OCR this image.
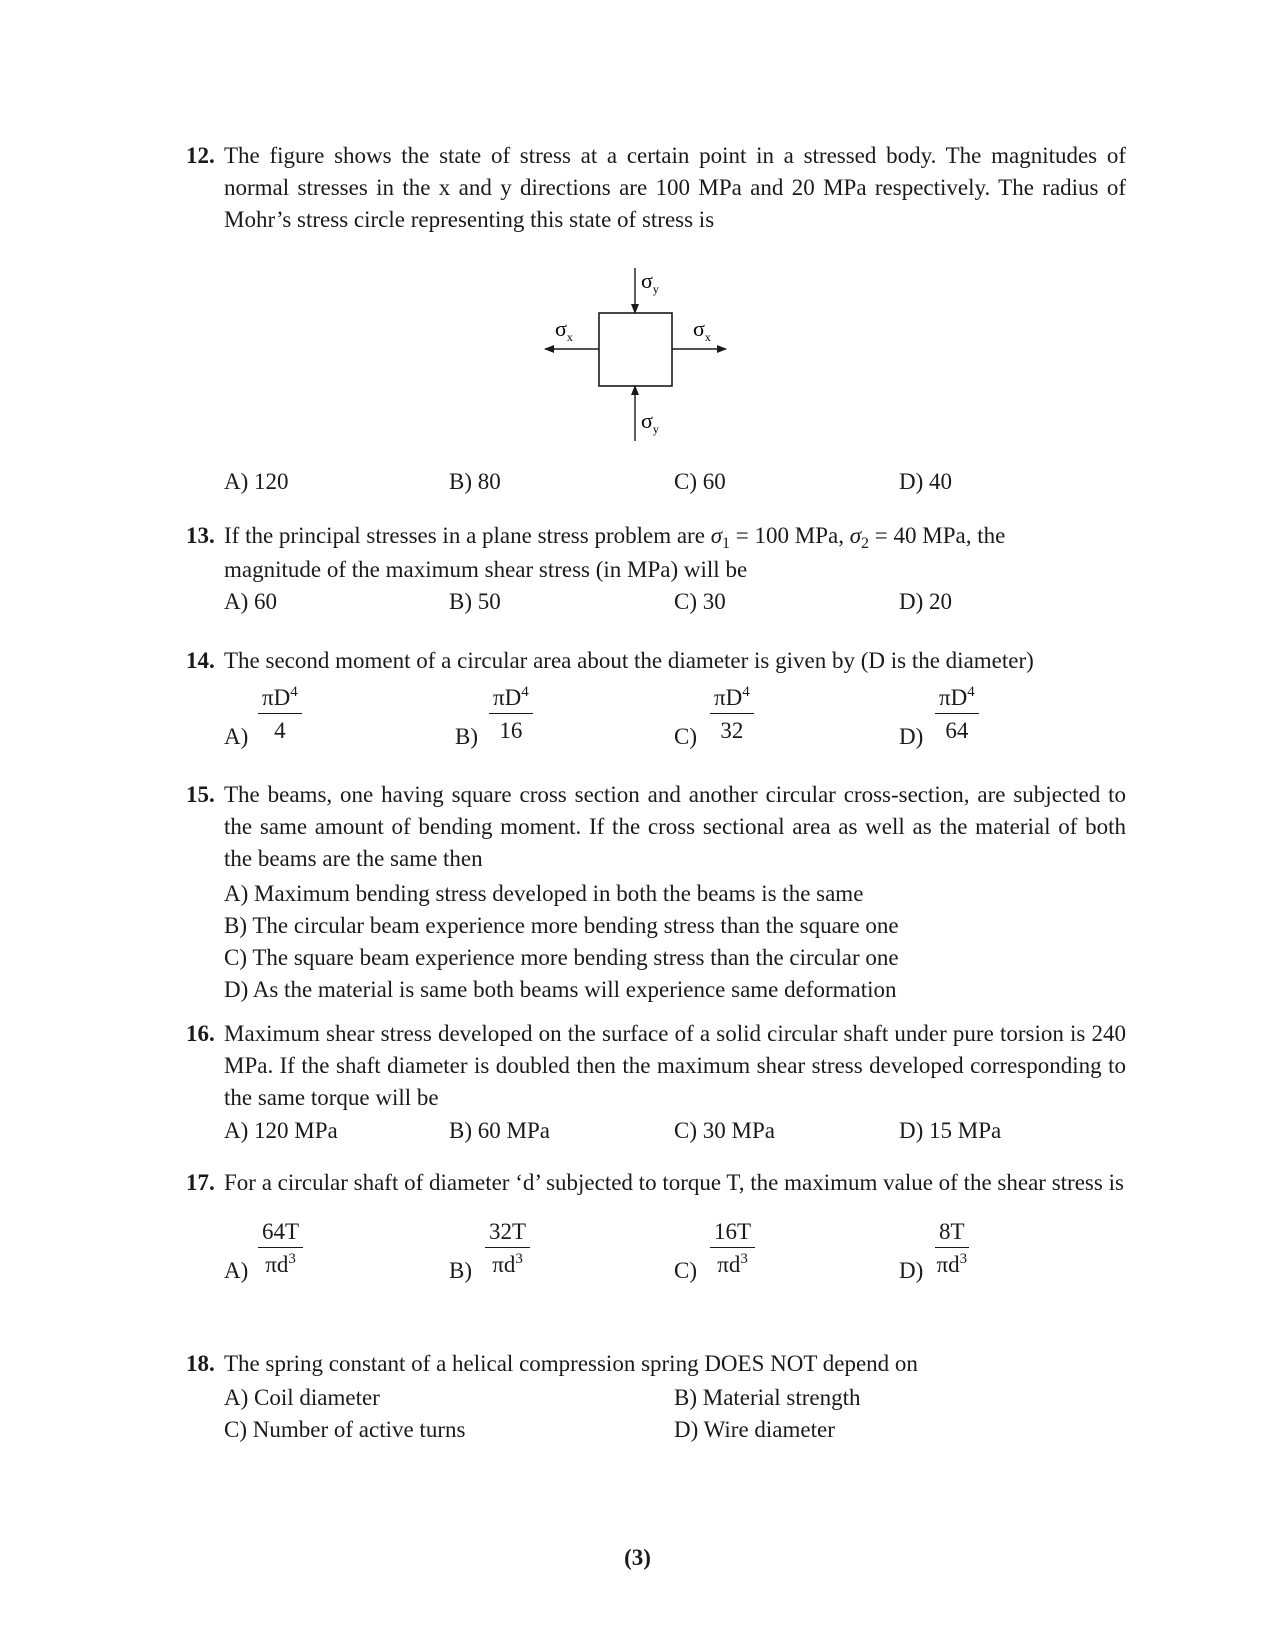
12. The figure shows the state of stress at a certain point in a stressed body. The magnitudes of normal stresses in the x and y directions are 100 MPa and 20 MPa respectively. The radius of Mohr’s stress circle representing this state of stress is
$\sigma_y$
$\sigma_y$
$\sigma_x$	$\sigma_x$
A) 120	B) 80	C) 60	D) 40
13. If the principal stresses in a plane stress problem are $\sigma_1 = 100$ MPa, $\sigma_2 = 40$ MPa, the
magnitude of the maximum shear stress (in MPa) will be
A) 60	B) 50	C) 30	D) 20
14. The second moment of a circular area about the diameter is given by (D is the diameter)
$A) \frac{\pi D^4}{4}$	$B) \frac{\pi D^4}{16}$	$C) \frac{\pi D^4}{32}$	$D) \frac{\pi D^4}{64}$
15. The beams, one having square cross section and another circular cross-section, are subjected to the same amount of bending moment. If the cross sectional area as well as the material of both the beams are the same then
A) Maximum bending stress developed in both the beams is the same
B) The circular beam experience more bending stress than the square one
C) The square beam experience more bending stress than the circular one
D) As the material is same both beams will experience same deformation
16. Maximum shear stress developed on the surface of a solid circular shaft under pure torsion is 240 MPa. If the shaft diameter is doubled then the maximum shear stress developed corresponding to the same torque will be
A) 120 MPa	B) 60 MPa	C) 30 MPa	D) 15 MPa
17. For a circular shaft of diameter ‘d’ subjected to torque T, the maximum value of the shear stress is
$A) \frac{64T}{\pi d^3}$	$B) \frac{32T}{\pi d^3}$	$C) \frac{16T}{\pi d^3}$	$D) \frac{8T}{\pi d^3}$
18. The spring constant of a helical compression spring DOES NOT depend on
A) Coil diameter	B) Material strength
C) Number of active turns	D) Wire diameter
(3)
